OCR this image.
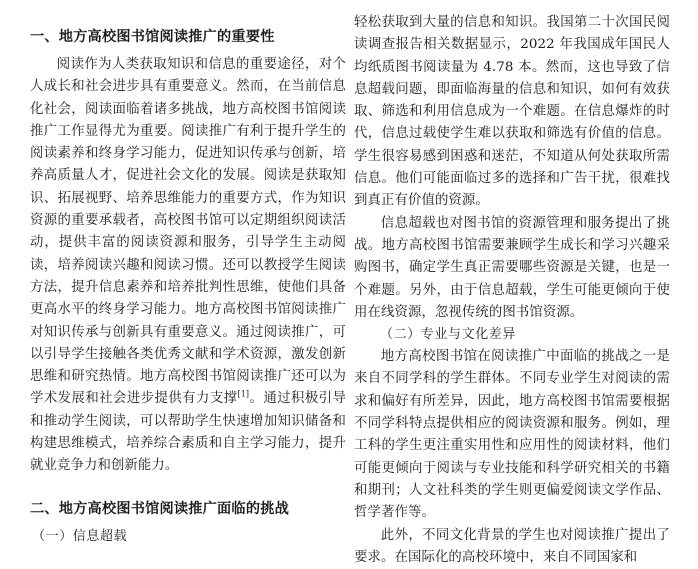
一、地方高校图书馆阅读推广的重要性

阅读作为人类获取知识和信息的重要途径，对个人成长和社会进步具有重要意义。然而，在当前信息化社会，阅读面临着诸多挑战，地方高校图书馆阅读推广工作显得尤为重要。阅读推广有利于提升学生的阅读素养和终身学习能力，促进知识传承与创新，培养高质量人才，促进社会文化的发展。阅读是获取知识、拓展视野、培养思维能力的重要方式，作为知识资源的重要承载者，高校图书馆可以定期组织阅读活动，提供丰富的阅读资源和服务，引导学生主动阅读，培养阅读兴趣和阅读习惯。还可以教授学生阅读方法，提升信息素养和培养批判性思维，使他们具备更高水平的终身学习能力。地方高校图书馆阅读推广对知识传承与创新具有重要意义。通过阅读推广，可以引导学生接触各类优秀文献和学术资源，激发创新思维和研究热情。地方高校图书馆阅读推广还可以为学术发展和社会进步提供有力支撑[1]。通过积极引导和推动学生阅读，可以帮助学生快速增加知识储备和构建思维模式，培养综合素质和自主学习能力，提升就业竞争力和创新能力。

二、地方高校图书馆阅读推广面临的挑战
（一）信息超载

轻松获取到大量的信息和知识。我国第二十次国民阅读调查报告相关数据显示，2022 年我国成年国民人均纸质图书阅读量为 4.78 本。然而，这也导致了信息超载问题，即面临海量的信息和知识，如何有效获取、筛选和利用信息成为一个难题。在信息爆炸的时代，信息过载使学生难以获取和筛选有价值的信息。学生很容易感到困惑和迷茫，不知道从何处获取所需信息。他们可能面临过多的选择和广告干扰，很难找到真正有价值的资源。

信息超载也对图书馆的资源管理和服务提出了挑战。地方高校图书馆需要兼顾学生成长和学习兴趣采购图书，确定学生真正需要哪些资源是关键，也是一个难题。另外，由于信息超载，学生可能更倾向于使用在线资源，忽视传统的图书馆资源。

（二）专业与文化差异

地方高校图书馆在阅读推广中面临的挑战之一是来自不同学科的学生群体。不同专业学生对阅读的需求和偏好有所差异，因此，地方高校图书馆需要根据不同学科特点提供相应的阅读资源和服务。例如，理工科的学生更注重实用性和应用性的阅读材料，他们可能更倾向于阅读与专业技能和科学研究相关的书籍和期刊；人文社科类的学生则更偏爱阅读文学作品、哲学著作等。

此外，不同文化背景的学生也对阅读推广提出了要求。在国际化的高校环境中，来自不同国家和
